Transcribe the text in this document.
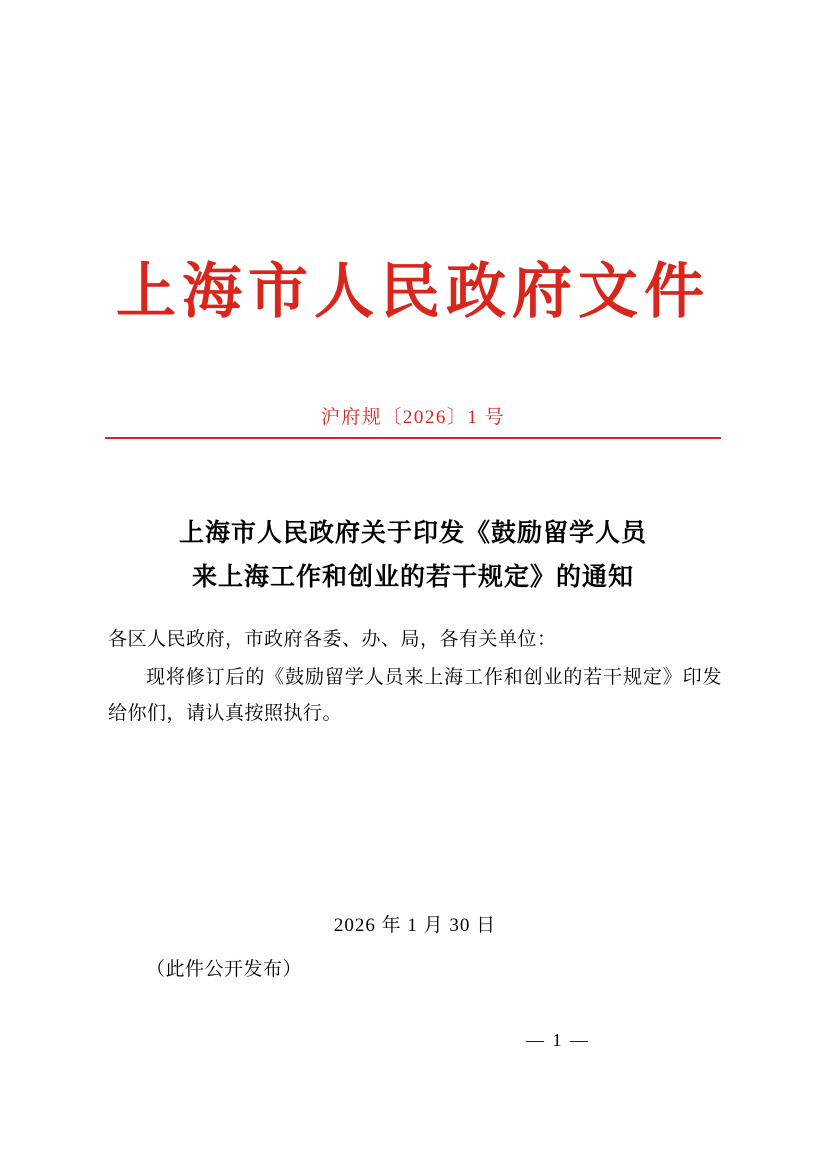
上海市人民政府文件
沪府规〔2026〕1 号
上海市人民政府关于印发《鼓励留学人员
来上海工作和创业的若干规定》的通知

各区人民政府，市政府各委、办、局，各有关单位：

现将修订后的《鼓励留学人员来上海工作和创业的若干规定》印发给你们，请认真按照执行。

2026 年 1 月 30 日
（此件公开发布）
— 1 —
